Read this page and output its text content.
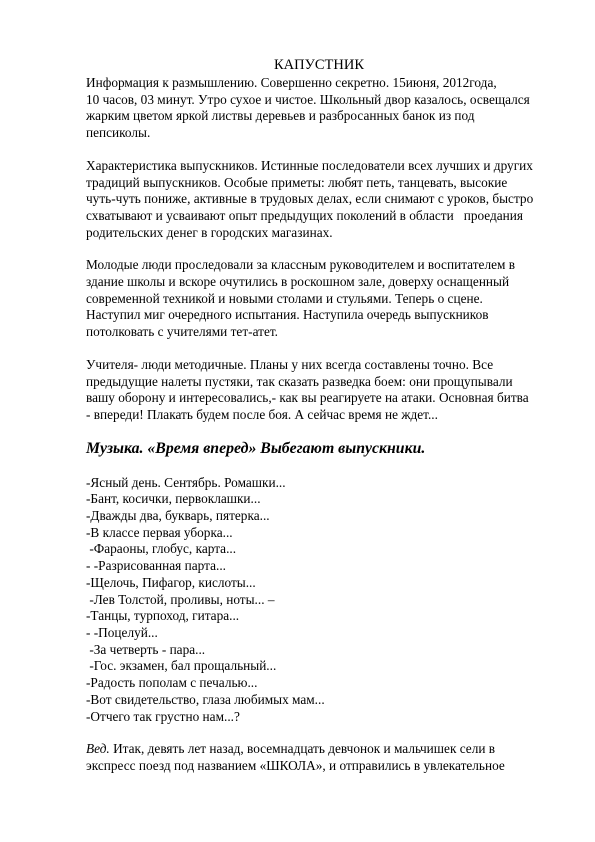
КАПУСТНИК
Информация к размышлению. Совершенно секретно. 15июня, 2012года,
10 часов, 03 минут. Утро сухое и чистое. Школьный двор казалось, освещался
жарким цветом яркой листвы деревьев и разбросанных банок из под
пепсиколы.
Характеристика выпускников. Истинные последователи всех лучших и других
традиций выпускников. Особые приметы: любят петь, танцевать, высокие
чуть-чуть пониже, активные в трудовых делах, если снимают с уроков, быстро
схватывают и усваивают опыт предыдущих поколений в области   проедания
родительских денег в городских магазинах.
Молодые люди проследовали за классным руководителем и воспитателем в
здание школы и вскоре очутились в роскошном зале, доверху оснащенный
современной техникой и новыми столами и стульями. Теперь о сцене.
Наступил миг очередного испытания. Наступила очередь выпускников
потолковать с учителями тет-атет.
Учителя- люди методичные. Планы у них всегда составлены точно. Все
предыдущие налеты пустяки, так сказать разведка боем: они прощупывали
вашу оборону и интересовались,- как вы реагируете на атаки. Основная битва
- впереди! Плакать будем после боя. А сейчас время не ждет...
Музыка. «Время вперед» Выбегают выпускники.
-Ясный день. Сентябрь. Ромашки...
-Бант, косички, первоклашки...
-Дважды два, букварь, пятерка...
-В классе первая уборка...
-Фараоны, глобус, карта...
- -Разрисованная парта...
-Щелочь, Пифагор, кислоты...
-Лев Толстой, проливы, ноты... –
-Танцы, турпоход, гитара...
- -Поцелуй...
-За четверть - пара...
-Гос. экзамен, бал прощальный...
-Радость пополам с печалью...
-Вот свидетельство, глаза любимых мам...
-Отчего так грустно нам...?
Вед. Итак, девять лет назад, восемнадцать девчонок и мальчишек сели в
экспресс поезд под названием «ШКОЛА», и отправились в увлекательное
